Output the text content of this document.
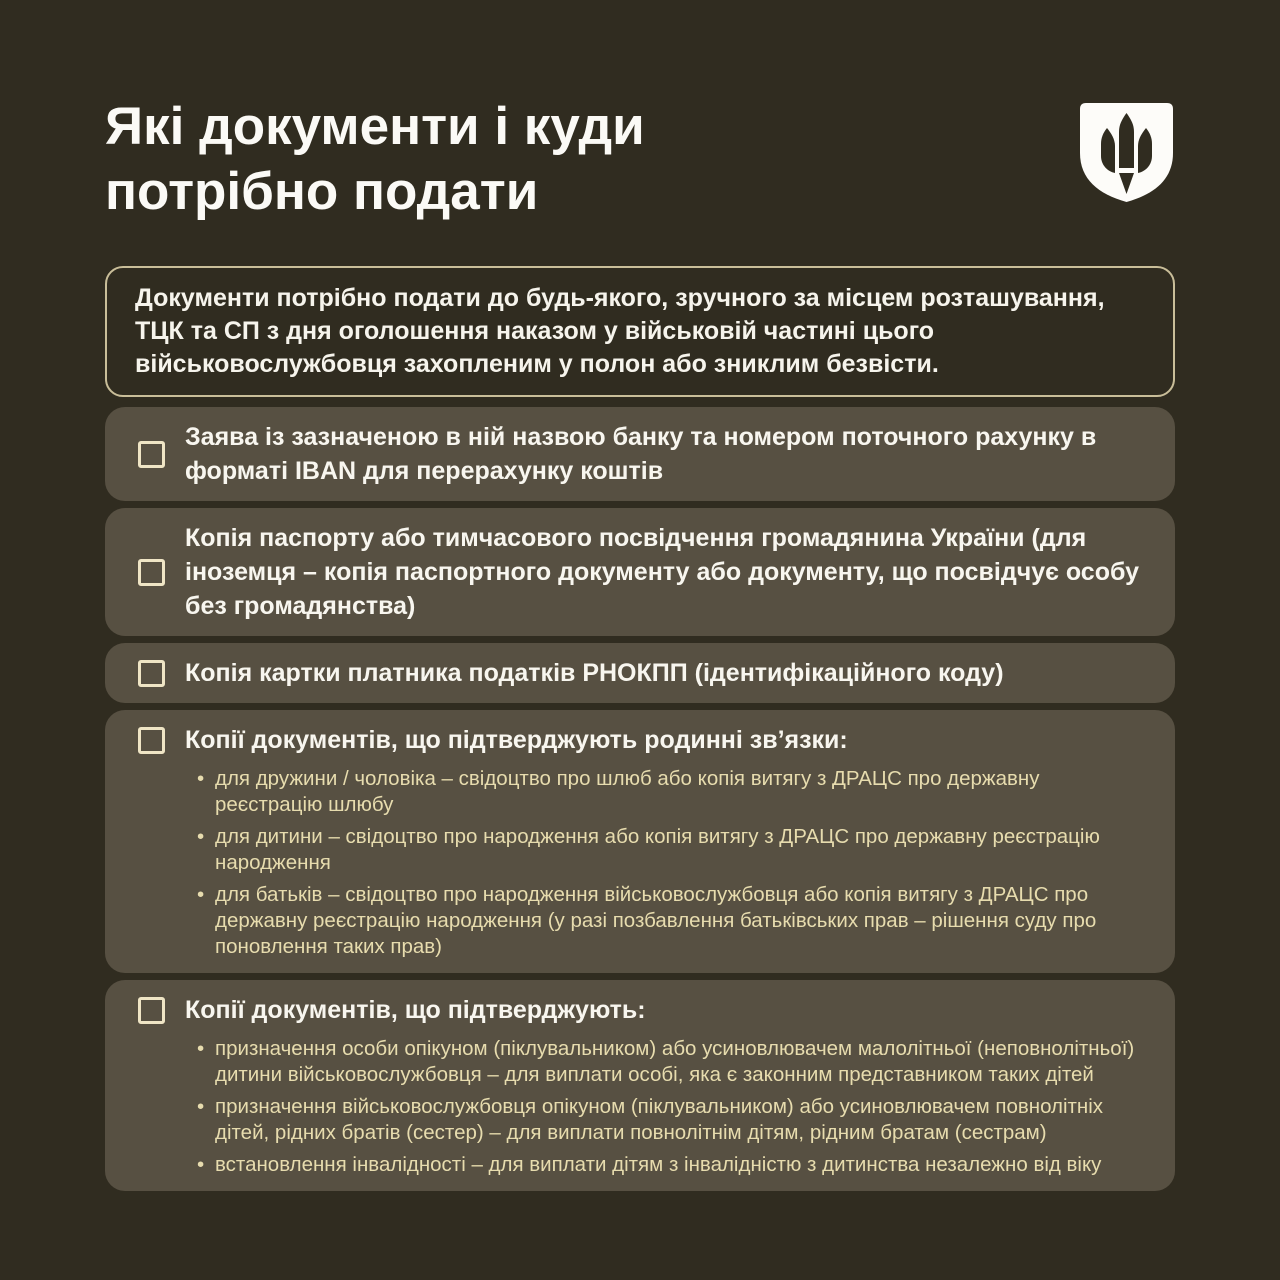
Які документи і куди
потрібно подати

Документи потрібно подати до будь-якого, зручного за місцем розташування, ТЦК та СП з дня оголошення наказом у військовій частині цього військовослужбовця захопленим у полон або зниклим безвісти.

Заява із зазначеною в ній назвою банку та номером поточного рахунку в форматі IBAN для перерахунку коштів

Копія паспорту або тимчасового посвідчення громадянина України (для іноземця – копія паспортного документу або документу, що посвідчує особу без громадянства)

Копія картки платника податків РНОКПП (ідентифікаційного коду)

Копії документів, що підтверджують родинні зв’язки:

• для дружини / чоловіка – свідоцтво про шлюб або копія витягу з ДРАЦС про державну реєстрацію шлюбу
• для дитини – свідоцтво про народження або копія витягу з ДРАЦС про державну реєстрацію народження
• для батьків – свідоцтво про народження військовослужбовця або копія витягу з ДРАЦС про державну реєстрацію народження (у разі позбавлення батьківських прав – рішення суду про поновлення таких прав)

Копії документів, що підтверджують:

• призначення особи опікуном (піклувальником) або усиновлювачем малолітньої (неповнолітньої) дитини військовослужбовця – для виплати особі, яка є законним представником таких дітей
• призначення військовослужбовця опікуном (піклувальником) або усиновлювачем повнолітніх дітей, рідних братів (сестер) – для виплати повнолітнім дітям, рідним братам (сестрам)
• встановлення інвалідності – для виплати дітям з інвалідністю з дитинства незалежно від віку
